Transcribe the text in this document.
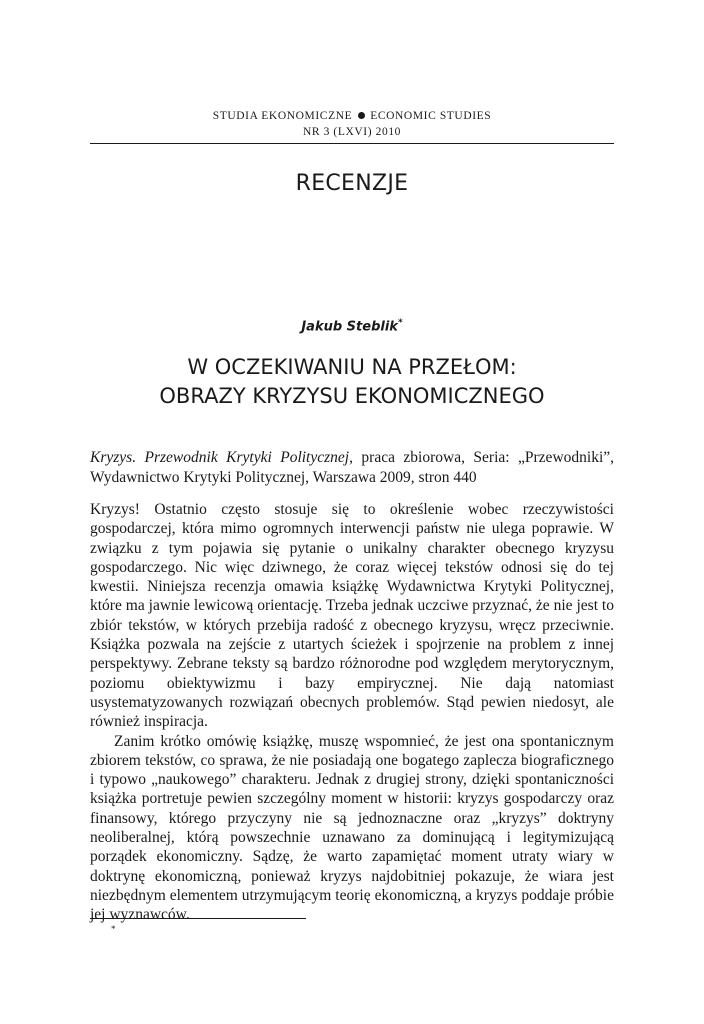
STUDIA EKONOMICZNE ECONOMIC STUDIES
NR 3 (LXVI) 2010
RECENZJE
Jakub Steblik*
W OCZEKIWANIU NA PRZEŁOM:
OBRAZY KRYZYSU EKONOMICZNEGO
Kryzys. Przewodnik Krytyki Politycznej, praca zbiorowa, Seria: „Przewodniki”, Wydawnictwo Krytyki Politycznej, Warszawa 2009, stron 440

Kryzys! Ostatnio często stosuje się to określenie wobec rzeczywistości gospodarczej, która mimo ogromnych interwencji państw nie ulega poprawie. W związku z tym pojawia się pytanie o unikalny charakter obecnego kryzysu gospodarczego. Nic więc dziwnego, że coraz więcej tekstów odnosi się do tej kwestii. Niniejsza recenzja omawia książkę Wydawnictwa Krytyki Politycznej, które ma jawnie lewicową orientację. Trzeba jednak uczciwe przyznać, że nie jest to zbiór tekstów, w których przebija radość z obecnego kryzysu, wręcz przeciwnie. Książka pozwala na zejście z utartych ścieżek i spojrzenie na problem z innej perspektywy. Zebrane teksty są bardzo różnorodne pod względem merytorycznym, poziomu obiektywizmu i bazy empirycznej. Nie dają natomiast usystematyzowanych rozwiązań obecnych problemów. Stąd pewien niedosyt, ale również inspiracja.

Zanim krótko omówię książkę, muszę wspomnieć, że jest ona spontanicznym zbiorem tekstów, co sprawa, że nie posiadają one bogatego zaplecza biograficznego i typowo „naukowego” charakteru. Jednak z drugiej strony, dzięki spontaniczności książka portretuje pewien szczególny moment w historii: kryzys gospodarczy oraz finansowy, którego przyczyny nie są jednoznaczne oraz „kryzys” doktryny neoliberalnej, którą powszechnie uznawano za dominującą i legitymizującą porządek ekonomiczny. Sądzę, że warto zapamiętać moment utraty wiary w doktrynę ekonomiczną, ponieważ kryzys najdobitniej pokazuje, że wiara jest niezbędnym elementem utrzymującym teorię ekonomiczną, a kryzys poddaje próbie jej wyznawców.

*
